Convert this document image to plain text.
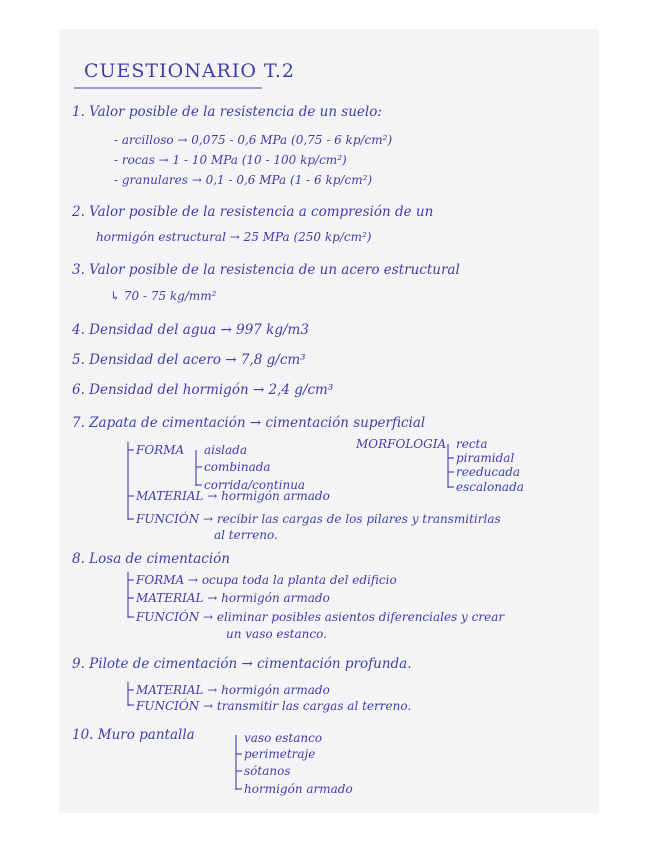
CUESTIONARIO T.2
1. Valor posible de la resistencia de un suelo:
- arcilloso → 0,075 - 0,6 MPa (0,75 - 6 kp/cm²)
- rocas → 1 - 10 MPa (10 - 100 kp/cm²)
- granulares → 0,1 - 0,6 MPa (1 - 6 kp/cm²)
2. Valor posible de la resistencia a compresión de un
hormigón estructural → 25 MPa (250 kp/cm²)
3. Valor posible de la resistencia de un acero estructural
↳ 70 - 75 kg/mm²
4. Densidad del agua → 997 kg/m3
5. Densidad del acero → 7,8 g/cm³
6. Densidad del hormigón → 2,4 g/cm³
7. Zapata de cimentación → cimentación superficial
FORMA aislada
combinada
corrida/continua
MORFOLOGIA recta
piramidal
reeducada
escalonada
MATERIAL → hormigón armado
FUNCIÓN → recibir las cargas de los pilares y transmitirlas
al terreno.
8. Losa de cimentación
FORMA → ocupa toda la planta del edificio
MATERIAL → hormigón armado
FUNCIÓN → eliminar posibles asientos diferenciales y crear
un vaso estanco.
9. Pilote de cimentación → cimentación profunda.
MATERIAL → hormigón armado
FUNCIÓN → transmitir las cargas al terreno.
10. Muro pantalla	vaso estanco
perimetraje
sótanos
hormigón armado
